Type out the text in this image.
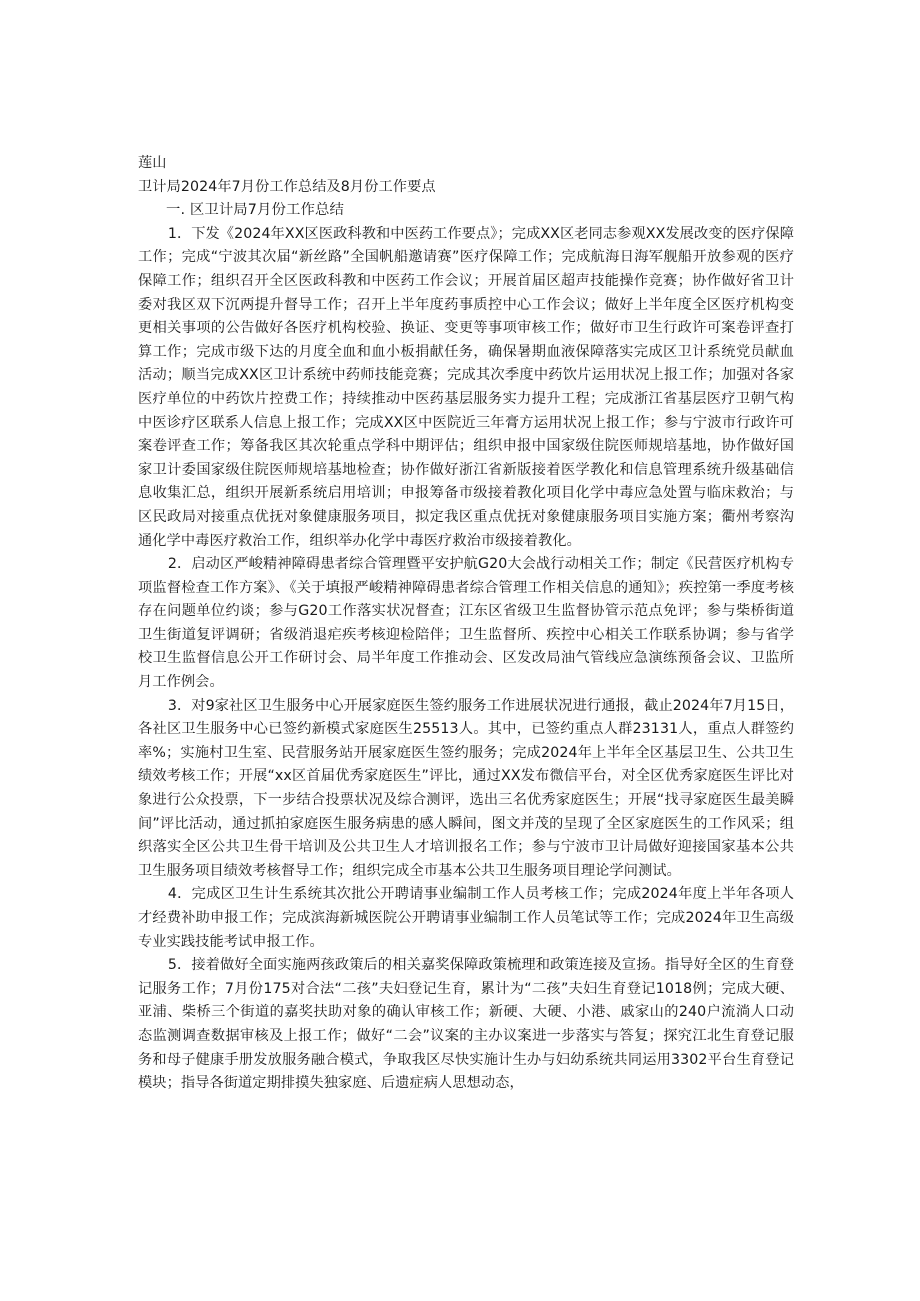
莲山

卫计局2024年7月份工作总结及8月份工作要点

一. 区卫计局7月份工作总结

1．下发《2024年XX区医政科教和中医药工作要点》；完成XX区老同志参观XX发展改变的医疗保障工作；完成“宁波其次届“新丝路”全国帆船邀请赛”医疗保障工作；完成航海日海军舰船开放参观的医疗保障工作；组织召开全区医政科教和中医药工作会议；开展首届区超声技能操作竞赛；协作做好省卫计委对我区双下沉两提升督导工作；召开上半年度药事质控中心工作会议；做好上半年度全区医疗机构变更相关事项的公告做好各医疗机构校验、换证、变更等事项审核工作；做好市卫生行政许可案卷评查打算工作；完成市级下达的月度全血和血小板捐献任务，确保暑期血液保障落实完成区卫计系统党员献血活动；顺当完成XX区卫计系统中药师技能竞赛；完成其次季度中药饮片运用状况上报工作；加强对各家医疗单位的中药饮片控费工作；持续推动中医药基层服务实力提升工程；完成浙江省基层医疗卫朝气构中医诊疗区联系人信息上报工作；完成XX区中医院近三年膏方运用状况上报工作；参与宁波市行政许可案卷评查工作；筹备我区其次轮重点学科中期评估；组织申报中国家级住院医师规培基地，协作做好国家卫计委国家级住院医师规培基地检查；协作做好浙江省新版接着医学教化和信息管理系统升级基础信息收集汇总，组织开展新系统启用培训；申报筹备市级接着教化项目化学中毒应急处置与临床救治；与区民政局对接重点优抚对象健康服务项目，拟定我区重点优抚对象健康服务项目实施方案；衢州考察沟通化学中毒医疗救治工作，组织举办化学中毒医疗救治市级接着教化。

2．启动区严峻精神障碍患者综合管理暨平安护航G20大会战行动相关工作；制定《民营医疗机构专项监督检查工作方案》、《关于填报严峻精神障碍患者综合管理工作相关信息的通知》；疾控第一季度考核存在问题单位约谈；参与G20工作落实状况督查；江东区省级卫生监督协管示范点免评；参与柴桥街道卫生街道复评调研；省级消退疟疾考核迎检陪伴；卫生监督所、疾控中心相关工作联系协调；参与省学校卫生监督信息公开工作研讨会、局半年度工作推动会、区发改局油气管线应急演练预备会议、卫监所月工作例会。

3．对9家社区卫生服务中心开展家庭医生签约服务工作进展状况进行通报，截止2024年7月15日，各社区卫生服务中心已签约新模式家庭医生25513人。其中，已签约重点人群23131人，重点人群签约率%；实施村卫生室、民营服务站开展家庭医生签约服务；完成2024年上半年全区基层卫生、公共卫生绩效考核工作；开展“xx区首届优秀家庭医生”评比，通过XX发布微信平台，对全区优秀家庭医生评比对象进行公众投票，下一步结合投票状况及综合测评，选出三名优秀家庭医生；开展“找寻家庭医生最美瞬间”评比活动，通过抓拍家庭医生服务病患的感人瞬间，图文并茂的呈现了全区家庭医生的工作风采；组织落实全区公共卫生骨干培训及公共卫生人才培训报名工作；参与宁波市卫计局做好迎接国家基本公共卫生服务项目绩效考核督导工作；组织完成全市基本公共卫生服务项目理论学问测试。

4．完成区卫生计生系统其次批公开聘请事业编制工作人员考核工作；完成2024年度上半年各项人才经费补助申报工作；完成滨海新城医院公开聘请事业编制工作人员笔试等工作；完成2024年卫生高级专业实践技能考试申报工作。

5．接着做好全面实施两孩政策后的相关嘉奖保障政策梳理和政策连接及宣扬。指导好全区的生育登记服务工作；7月份175对合法“二孩”夫妇登记生育，累计为“二孩”夫妇生育登记1018例；完成大硬、亚浦、柴桥三个街道的嘉奖扶助对象的确认审核工作；新硬、大硬、小港、戚家山的240户流淌人口动态监测调查数据审核及上报工作；做好“二会”议案的主办议案进一步落实与答复；探究江北生育登记服务和母子健康手册发放服务融合模式，争取我区尽快实施计生办与妇幼系统共同运用3302平台生育登记模块；指导各街道定期排摸失独家庭、后遗症病人思想动态，
